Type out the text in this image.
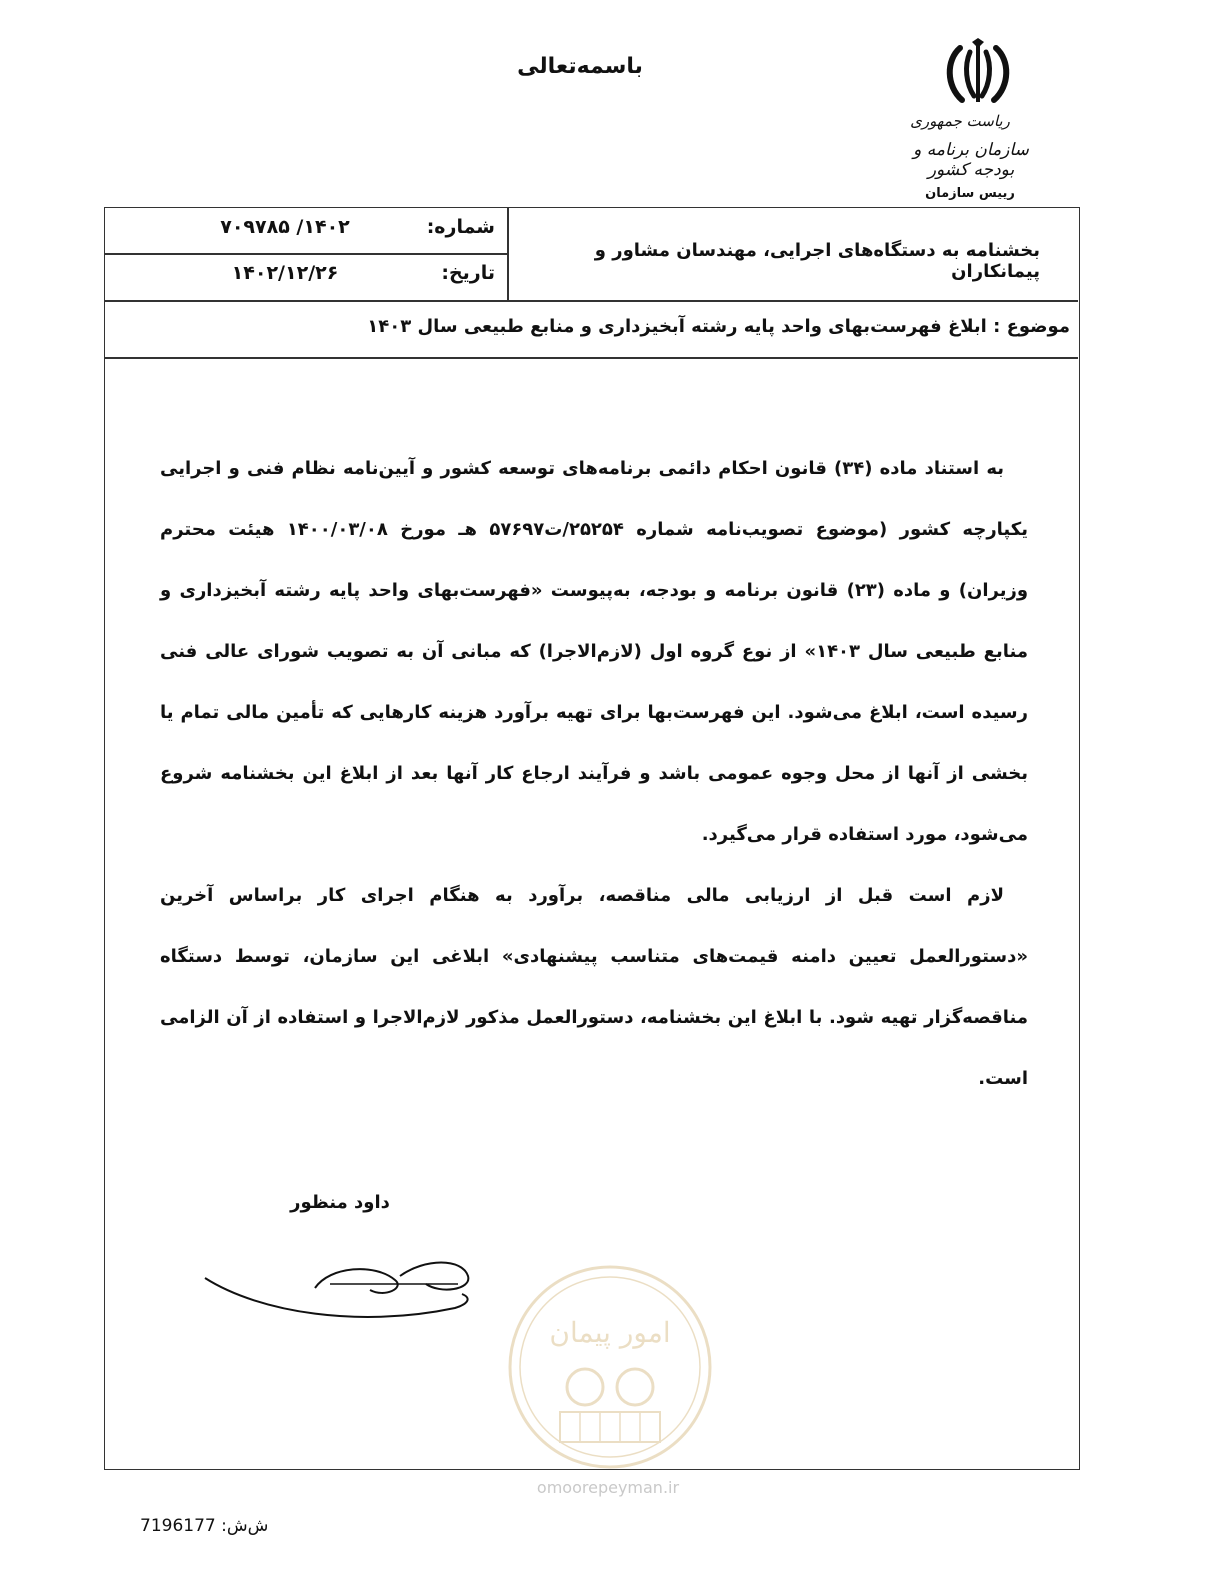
باسمه‌تعالی
ریاست جمهوری
سازمان برنامه و بودجه کشور
رییس سازمان
شماره:
۱۴۰۲/ ۷۰۹۷۸۵
تاریخ:
۱۴۰۲/۱۲/۲۶
بخشنامه به دستگاه‌های اجرایی، مهندسان مشاور و پیمانکاران
موضوع : ابلاغ فهرست‌بهای واحد پایه رشته آبخیزداری و منابع طبیعی سال ۱۴۰۳

به استناد ماده (۳۴) قانون احکام دائمی برنامه‌های توسعه کشور و آیین‌نامه نظام فنی و اجرایی یکپارچه کشور (موضوع تصویب‌نامه شماره ۲۵۲۵۴/ت۵۷۶۹۷ هـ مورخ ۱۴۰۰/۰۳/۰۸ هیئت محترم وزیران) و ماده (۲۳) قانون برنامه و بودجه، به‌پیوست «فهرست‌بهای واحد پایه رشته آبخیزداری و منابع طبیعی سال ۱۴۰۳» از نوع گروه اول (لازم‌الاجرا) که مبانی آن به تصویب شورای عالی فنی رسیده است، ابلاغ می‌شود. این فهرست‌بها برای تهیه برآورد هزینه کارهایی که تأمین مالی تمام یا بخشی از آنها از محل وجوه عمومی باشد و فرآیند ارجاع کار آنها بعد از ابلاغ این بخشنامه شروع می‌شود، مورد استفاده قرار می‌گیرد.

لازم است قبل از ارزیابی مالی مناقصه، برآورد به هنگام اجرای کار براساس آخرین «دستورالعمل تعیین دامنه قیمت‌های متناسب پیشنهادی» ابلاغی این سازمان، توسط دستگاه مناقصه‌گزار تهیه شود. با ابلاغ این بخشنامه، دستورالعمل مذکور لازم‌الاجرا و استفاده از آن الزامی است.

داود منظور
امور پیمان
omoorepeyman.ir
ش‌ش: 7196177
